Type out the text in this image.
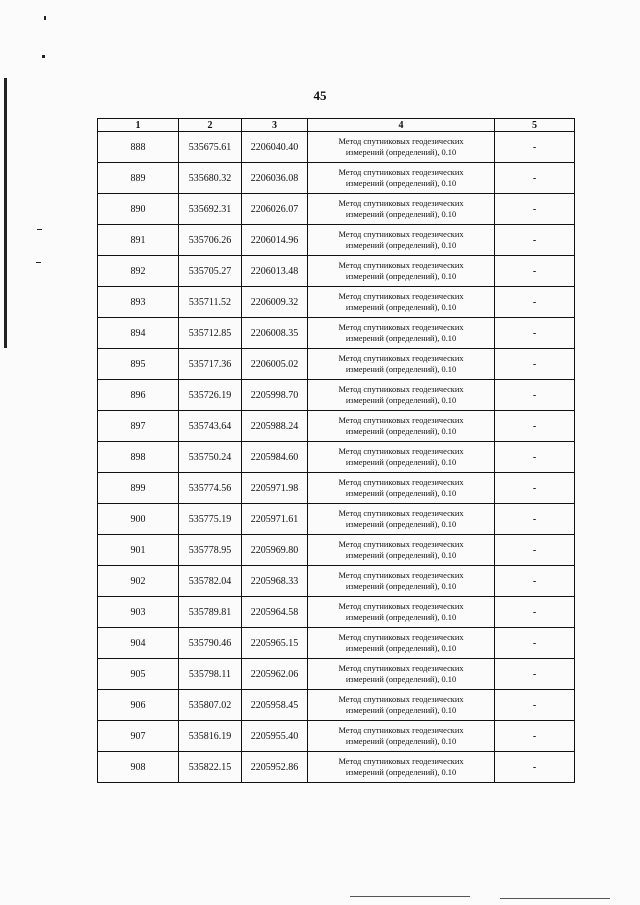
45
1	2	3	4	5
888	535675.61	2206040.40	Метод спутниковых геодезических
измерений (определений), 0.10	-
889	535680.32	2206036.08	Метод спутниковых геодезических
измерений (определений), 0.10	-
890	535692.31	2206026.07	Метод спутниковых геодезических
измерений (определений), 0.10	-
891	535706.26	2206014.96	Метод спутниковых геодезических
измерений (определений), 0.10	-
892	535705.27	2206013.48	Метод спутниковых геодезических
измерений (определений), 0.10	-
893	535711.52	2206009.32	Метод спутниковых геодезических
измерений (определений), 0.10	-
894	535712.85	2206008.35	Метод спутниковых геодезических
измерений (определений), 0.10	-
895	535717.36	2206005.02	Метод спутниковых геодезических
измерений (определений), 0.10	-
896	535726.19	2205998.70	Метод спутниковых геодезических
измерений (определений), 0.10	-
897	535743.64	2205988.24	Метод спутниковых геодезических
измерений (определений), 0.10	-
898	535750.24	2205984.60	Метод спутниковых геодезических
измерений (определений), 0.10	-
899	535774.56	2205971.98	Метод спутниковых геодезических
измерений (определений), 0.10	-
900	535775.19	2205971.61	Метод спутниковых геодезических
измерений (определений), 0.10	-
901	535778.95	2205969.80	Метод спутниковых геодезических
измерений (определений), 0.10	-
902	535782.04	2205968.33	Метод спутниковых геодезических
измерений (определений), 0.10	-
903	535789.81	2205964.58	Метод спутниковых геодезических
измерений (определений), 0.10	-
904	535790.46	2205965.15	Метод спутниковых геодезических
измерений (определений), 0.10	-
905	535798.11	2205962.06	Метод спутниковых геодезических
измерений (определений), 0.10	-
906	535807.02	2205958.45	Метод спутниковых геодезических
измерений (определений), 0.10	-
907	535816.19	2205955.40	Метод спутниковых геодезических
измерений (определений), 0.10	-
908	535822.15	2205952.86	Метод спутниковых геодезических
измерений (определений), 0.10	-
